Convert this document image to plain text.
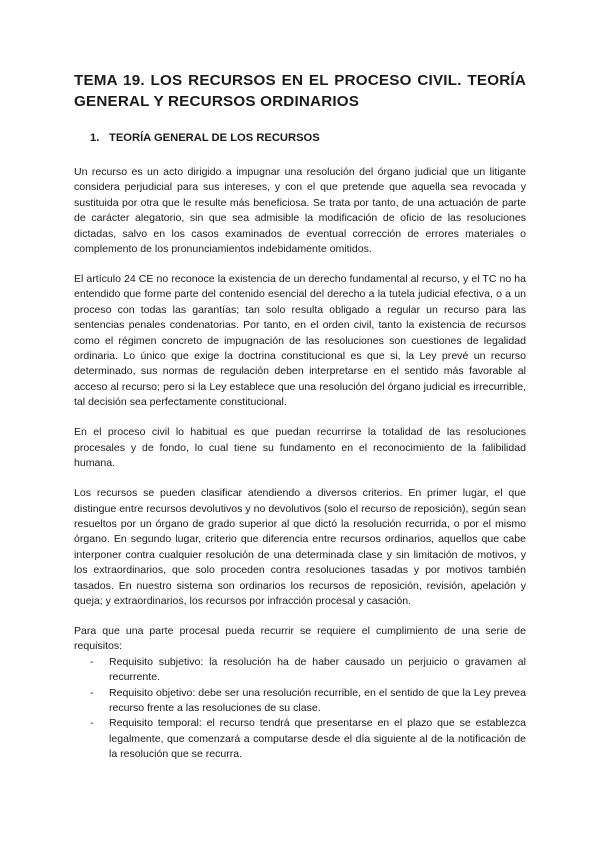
TEMA 19. LOS RECURSOS EN EL PROCESO CIVIL. TEORÍA GENERAL Y RECURSOS ORDINARIOS
1. TEORÍA GENERAL DE LOS RECURSOS

Un recurso es un acto dirigido a impugnar una resolución del órgano judicial que un litigante considera perjudicial para sus intereses, y con el que pretende que aquella sea revocada y sustituida por otra que le resulte más beneficiosa. Se trata por tanto, de una actuación de parte de carácter alegatorio, sin que sea admisible la modificación de oficio de las resoluciones dictadas, salvo en los casos examinados de eventual corrección de errores materiales o complemento de los pronunciamientos indebidamente omitidos.

El artículo 24 CE no reconoce la existencia de un derecho fundamental al recurso, y el TC no ha entendido que forme parte del contenido esencial del derecho a la tutela judicial efectiva, o a un proceso con todas las garantías; tan solo resulta obligado a regular un recurso para las sentencias penales condenatorias. Por tanto, en el orden civil, tanto la existencia de recursos como el régimen concreto de impugnación de las resoluciones son cuestiones de legalidad ordinaria. Lo único que exige la doctrina constitucional es que si, la Ley prevé un recurso determinado, sus normas de regulación deben interpretarse en el sentido más favorable al acceso al recurso; pero si la Ley establece que una resolución del órgano judicial es irrecurrible, tal decisión sea perfectamente constitucional.

En el proceso civil lo habitual es que puedan recurrirse la totalidad de las resoluciones procesales y de fondo, lo cual tiene su fundamento en el reconocimiento de la falibilidad humana.

Los recursos se pueden clasificar atendiendo a diversos criterios. En primer lugar, el que distingue entre recursos devolutivos y no devolutivos (solo el recurso de reposición), según sean resueltos por un órgano de grado superior al que dictó la resolución recurrida, o por el mismo órgano. En segundo lugar, criterio que diferencia entre recursos ordinarios, aquellos que cabe interponer contra cualquier resolución de una determinada clase y sin limitación de motivos, y los extraordinarios, que solo proceden contra resoluciones tasadas y por motivos también tasados. En nuestro sistema son ordinarios los recursos de reposición, revisión, apelación y queja; y extraordinarios, los recursos por infracción procesal y casación.

Para que una parte procesal pueda recurrir se requiere el cumplimiento de una serie de requisitos:

- Requisito subjetivo: la resolución ha de haber causado un perjuicio o gravamen al recurrente.
- Requisito objetivo: debe ser una resolución recurrible, en el sentido de que la Ley prevea recurso frente a las resoluciones de su clase.
- Requisito temporal: el recurso tendrá que presentarse en el plazo que se establezca legalmente, que comenzará a computarse desde el día siguiente al de la notificación de la resolución que se recurra.
